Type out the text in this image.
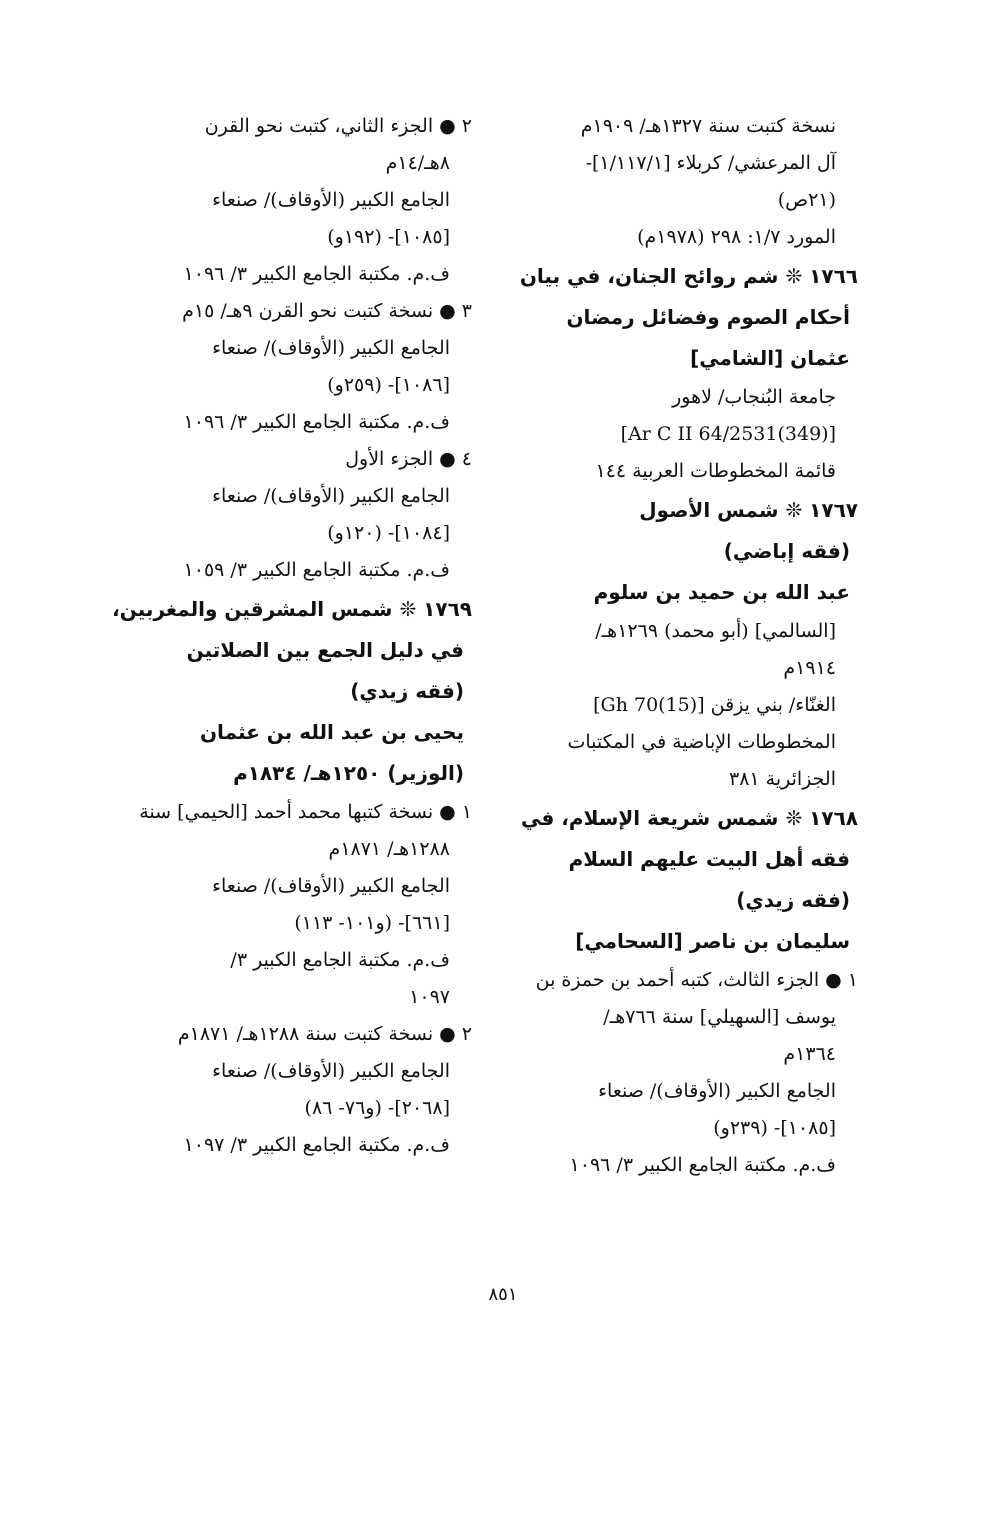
نسخة كتبت سنة ١٣٢٧هـ/ ١٩٠٩م
آل المرعشي/ كربلاء [١/١١٧/١]-
(٢١ص)
المورد ١/٧: ٢٩٨ (١٩٧٨م)
١٧٦٦ ❊ شم روائح الجنان، في بيان
أحكام الصوم وفضائل رمضان
عثمان [الشامي]
جامعة البُنجاب/ لاهور
[(349)Ar C II 64/2531]
قائمة المخطوطات العربية ١٤٤
١٧٦٧ ❊ شمس الأصول
(فقه إباضي)
عبد الله بن حميد بن سلوم
[السالمي] (أبو محمد) ١٢٦٩هـ/
١٩١٤م
الغنّاء/ بني يزقن [(15)Gh 70]
المخطوطات الإباضية في المكتبات
الجزائرية ٣٨١
١٧٦٨ ❊ شمس شريعة الإسلام، في
فقه أهل البيت عليهم السلام
(فقه زيدي)
سليمان بن ناصر [السحامي]
١ ● الجزء الثالث، كتبه أحمد بن حمزة بن
يوسف [السهيلي] سنة ٧٦٦هـ/
١٣٦٤م
الجامع الكبير (الأوقاف)/ صنعاء
[١٠٨٥]- (٢٣٩و)
ف.م. مكتبة الجامع الكبير ٣/ ١٠٩٦
٢ ● الجزء الثاني، كتبت نحو القرن
٨هـ/١٤م
الجامع الكبير (الأوقاف)/ صنعاء
[١٠٨٥]- (١٩٢و)
ف.م. مكتبة الجامع الكبير ٣/ ١٠٩٦
٣ ● نسخة كتبت نحو القرن ٩هـ/ ١٥م
الجامع الكبير (الأوقاف)/ صنعاء
[١٠٨٦]- (٢٥٩و)
ف.م. مكتبة الجامع الكبير ٣/ ١٠٩٦
٤ ● الجزء الأول
الجامع الكبير (الأوقاف)/ صنعاء
[١٠٨٤]- (١٢٠و)
ف.م. مكتبة الجامع الكبير ٣/ ١٠٥٩
١٧٦٩ ❊ شمس المشرقين والمغربين،
في دليل الجمع بين الصلاتين
(فقه زيدي)
يحيى بن عبد الله بن عثمان
(الوزير) ١٢٥٠هـ/ ١٨٣٤م
١ ● نسخة كتبها محمد أحمد [الحيمي] سنة
١٢٨٨هـ/ ١٨٧١م
الجامع الكبير (الأوقاف)/ صنعاء
[٦٦١]- (و١٠١- ١١٣)
ف.م. مكتبة الجامع الكبير ٣/
١٠٩٧
٢ ● نسخة كتبت سنة ١٢٨٨هـ/ ١٨٧١م
الجامع الكبير (الأوقاف)/ صنعاء
[٢٠٦٨]- (و٧٦- ٨٦)
ف.م. مكتبة الجامع الكبير ٣/ ١٠٩٧
٨٥١
